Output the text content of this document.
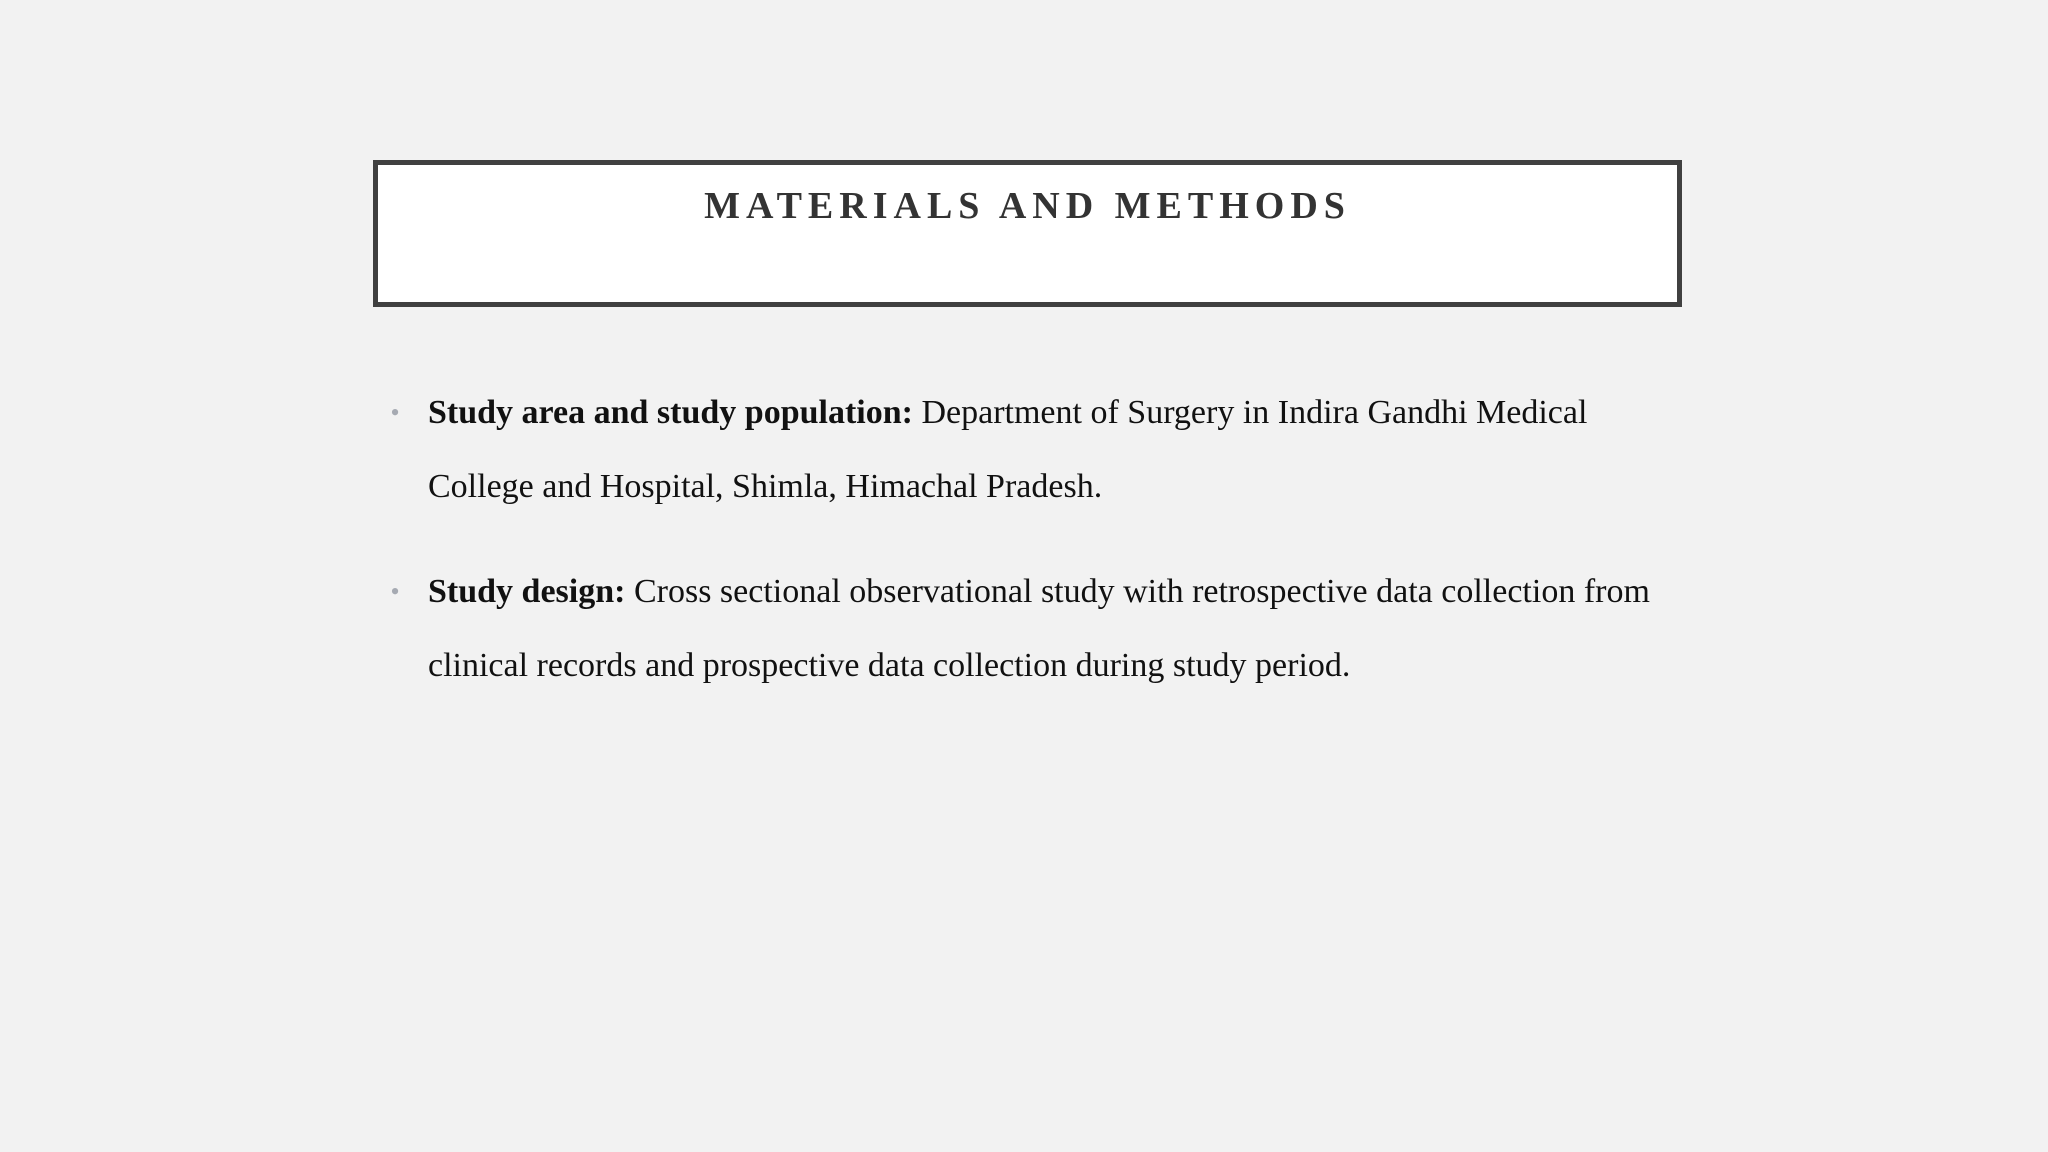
MATERIALS AND METHODS
• Study area and study population: Department of Surgery in Indira Gandhi Medical College and Hospital, Shimla, Himachal Pradesh.
• Study design: Cross sectional observational study with retrospective data collection from clinical records and prospective data collection during study period.
